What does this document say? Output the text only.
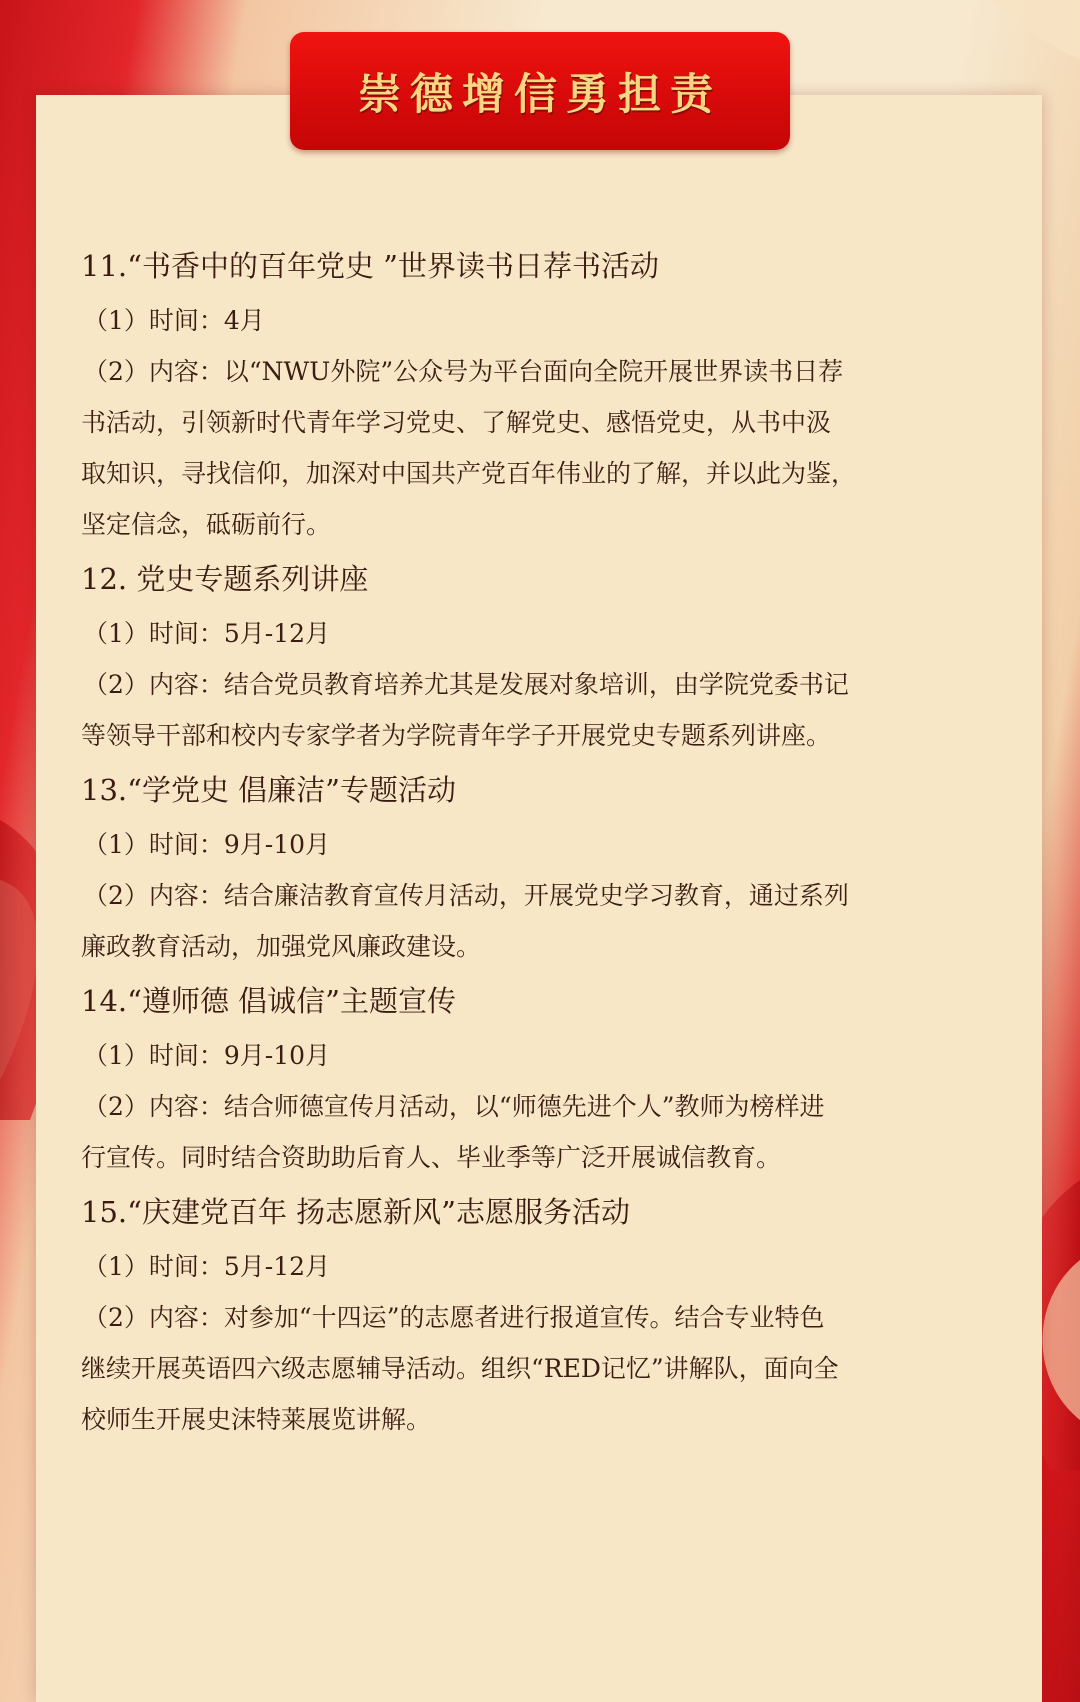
崇德增信勇担责
11.“书香中的百年党史 ”世界读书日荐书活动
（1）时间：4月
（2）内容：以“NWU外院”公众号为平台面向全院开展世界读书日荐
书活动，引领新时代青年学习党史、了解党史、感悟党史，从书中汲
取知识，寻找信仰，加深对中国共产党百年伟业的了解，并以此为鉴，
坚定信念，砥砺前行。
12. 党史专题系列讲座
（1）时间：5月-12月
（2）内容：结合党员教育培养尤其是发展对象培训，由学院党委书记
等领导干部和校内专家学者为学院青年学子开展党史专题系列讲座。
13.“学党史 倡廉洁”专题活动
（1）时间：9月-10月
（2）内容：结合廉洁教育宣传月活动，开展党史学习教育，通过系列
廉政教育活动，加强党风廉政建设。
14.“遵师德 倡诚信”主题宣传
（1）时间：9月-10月
（2）内容：结合师德宣传月活动，以“师德先进个人”教师为榜样进
行宣传。同时结合资助助后育人、毕业季等广泛开展诚信教育。
15.“庆建党百年 扬志愿新风”志愿服务活动
（1）时间：5月-12月
（2）内容：对参加“十四运”的志愿者进行报道宣传。结合专业特色
继续开展英语四六级志愿辅导活动。组织“RED记忆”讲解队，面向全
校师生开展史沫特莱展览讲解。
